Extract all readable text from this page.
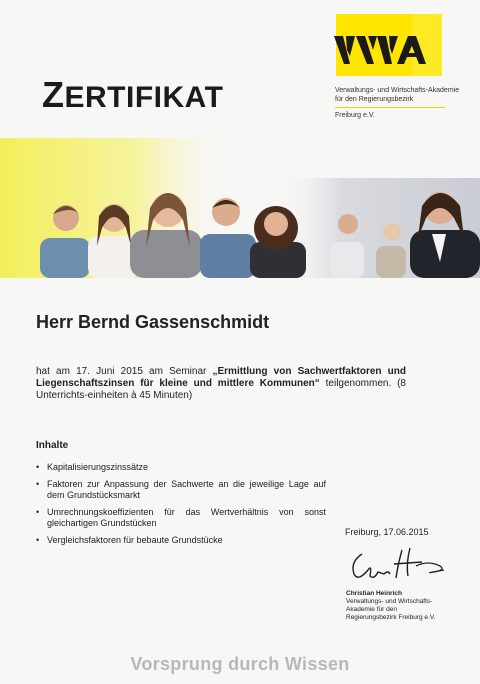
ZERTIFIKAT	Verwaltungs- und Wirtschafts-Akademie
für den Regierungsbezirk
Freiburg e.V.
Herr Bernd Gassenschmidt
hat am 17. Juni 2015 am Seminar „Ermittlung von Sachwertfaktoren und Liegenschaftszinsen für kleine und mittlere Kommunen“ teilgenommen. (8 Unterrichts-einheiten à 45 Minuten)
Inhalte
• Kapitalisierungszinssätze
• Faktoren zur Anpassung der Sachwerte an die jeweilige Lage auf dem Grundstücksmarkt
• Umrechnungskoeffizienten für das Wertverhältnis von sonst gleichartigen Grundstücken
• Vergleichsfaktoren für bebaute Grundstücke
Freiburg, 17.06.2015
Christian Heinrich
Verwaltungs- und Wirtschafts-
Akademie für den
Regierungsbezirk Freiburg e.V.
Vorsprung durch Wissen
